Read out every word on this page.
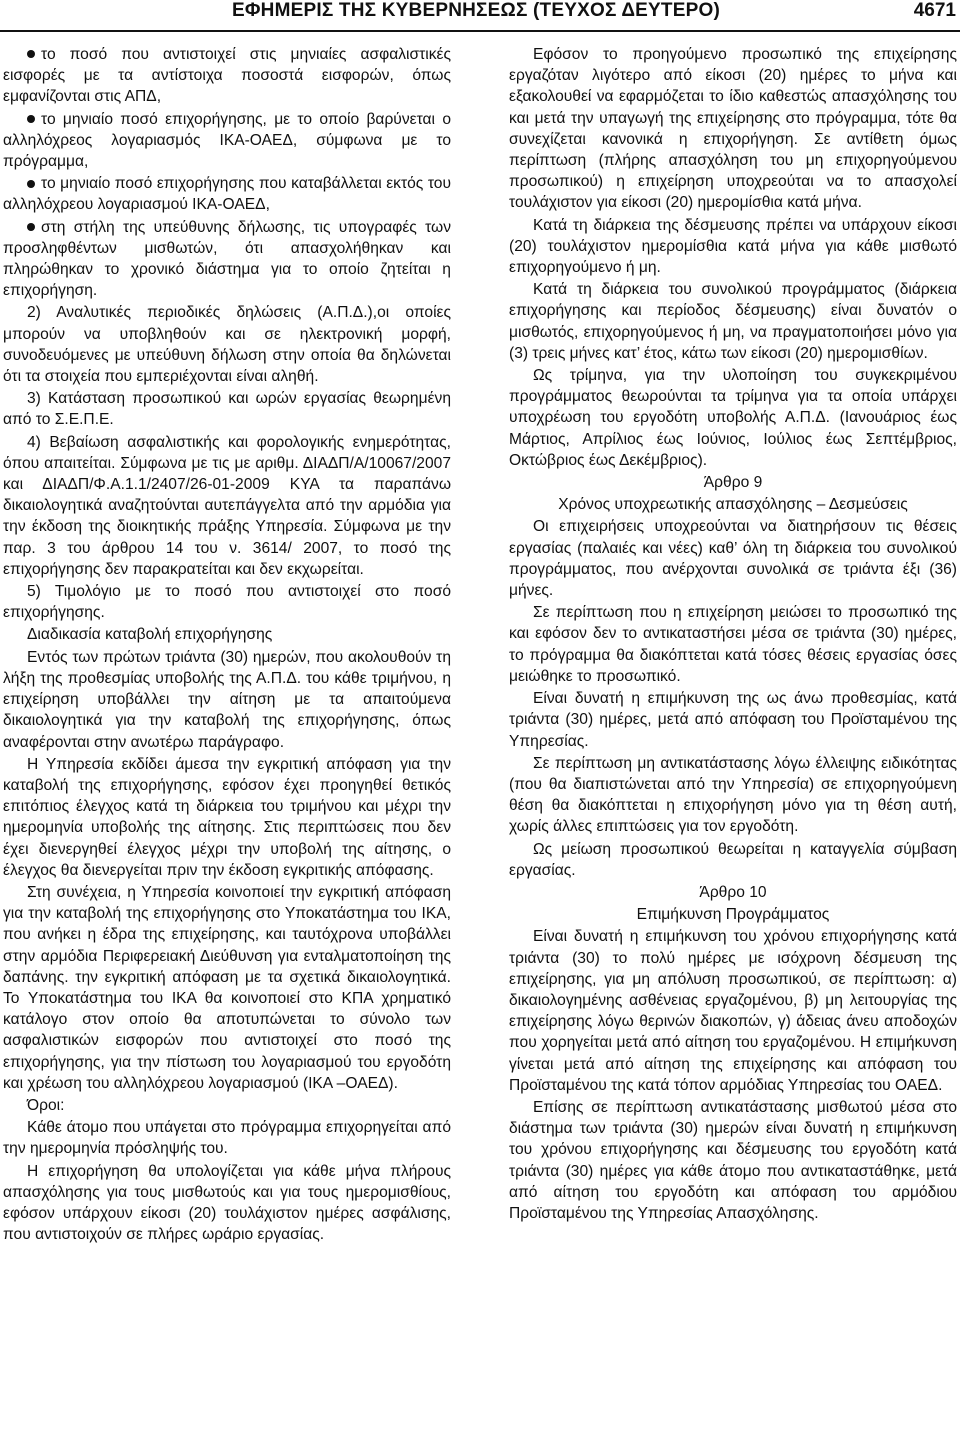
ΕΦΗΜΕΡΙΣ ΤΗΣ ΚΥΒΕΡΝΗΣΕΩΣ (ΤΕΥΧΟΣ ΔΕΥΤΕΡΟ)	4671

το ποσό που αντιστοιχεί στις μηνιαίες ασφαλιστικές εισφορές με τα αντίστοιχα ποσοστά εισφορών, όπως εμφανίζονται στις ΑΠΔ,

το μηνιαίο ποσό επιχορήγησης, με το οποίο βαρύνεται ο αλληλόχρεος λογαριασμός ΙΚΑ-ΟΑΕΔ, σύμφωνα με το πρόγραμμα,

το μηνιαίο ποσό επιχορήγησης που καταβάλλεται εκτός του αλληλόχρεου λογαριασμού ΙΚΑ-ΟΑΕΔ,

στη στήλη της υπεύθυνης δήλωσης, τις υπογραφές των προσληφθέντων μισθωτών, ότι απασχολήθηκαν και πληρώθηκαν το χρονικό διάστημα για το οποίο ζητείται η επιχορήγηση.

2) Αναλυτικές περιοδικές δηλώσεις (Α.Π.Δ.),οι οποίες μπορούν να υποβληθούν και σε ηλεκτρονική μορφή, συνοδευόμενες με υπεύθυνη δήλωση στην οποία θα δηλώνεται ότι τα στοιχεία που εμπεριέχονται είναι αληθή.

3) Κατάσταση προσωπικού και ωρών εργασίας θεωρημένη από το Σ.Ε.Π.Ε.

4) Βεβαίωση ασφαλιστικής και φορολογικής ενημερότητας, όπου απαιτείται. Σύμφωνα με τις με αριθμ. ΔΙΑΔΠ/Α/10067/2007 και ΔΙΑΔΠ/Φ.Α.1.1/2407/26-01-2009 ΚΥΑ τα παραπάνω δικαιολογητικά αναζητούνται αυτεπάγγελτα από την αρμόδια για την έκδοση της διοικητικής πράξης Υπηρεσία. Σύμφωνα με την παρ. 3 του άρθρου 14 του ν. 3614/ 2007, το ποσό της επιχορήγησης δεν παρακρατείται και δεν εκχωρείται.

5) Τιμολόγιο με το ποσό που αντιστοιχεί στο ποσό επιχορήγησης.

Διαδικασία καταβολή επιχορήγησης

Εντός των πρώτων τριάντα (30) ημερών, που ακολουθούν τη λήξη της προθεσμίας υποβολής της Α.Π.Δ. του κάθε τριμήνου, η επιχείρηση υποβάλλει την αίτηση με τα απαιτούμενα δικαιολογητικά για την καταβολή της επιχορήγησης, όπως αναφέρονται στην ανωτέρω παράγραφο.

Η Υπηρεσία εκδίδει άμεσα την εγκριτική απόφαση για την καταβολή της επιχορήγησης, εφόσον έχει προηγηθεί θετικός επιτόπιος έλεγχος κατά τη διάρκεια του τριμήνου και μέχρι την ημερομηνία υποβολής της αίτησης. Στις περιπτώσεις που δεν έχει διενεργηθεί έλεγχος μέχρι την υποβολή της αίτησης, ο έλεγχος θα διενεργείται πριν την έκδοση εγκριτικής απόφασης.

Στη συνέχεια, η Υπηρεσία κοινοποιεί την εγκριτική απόφαση για την καταβολή της επιχορήγησης στο Υποκατάστημα του ΙΚΑ, που ανήκει η έδρα της επιχείρησης, και ταυτόχρονα υποβάλλει στην αρμόδια Περιφερειακή Διεύθυνση για ενταλματοποίηση της δαπάνης. την εγκριτική απόφαση με τα σχετικά δικαιολογητικά. Το Υποκατάστημα του ΙΚΑ θα κοινοποιεί στο ΚΠΑ χρηματικό κατάλογο στον οποίο θα αποτυπώνεται το σύνολο των ασφαλιστικών εισφορών που αντιστοιχεί στο ποσό της επιχορήγησης, για την πίστωση του λογαριασμού του εργοδότη και χρέωση του αλληλόχρεου λογαριασμού (ΙΚΑ –ΟΑΕΔ).

Όροι:

Κάθε άτομο που υπάγεται στο πρόγραμμα επιχορηγείται από την ημερομηνία πρόσληψής του.

Η επιχορήγηση θα υπολογίζεται για κάθε μήνα πλήρους απασχόλησης για τους μισθωτούς και για τους ημερομισθίους, εφόσον υπάρχουν είκοσι (20) τουλάχιστον ημέρες ασφάλισης, που αντιστοιχούν σε πλήρες ωράριο εργασίας.

Εφόσον το προηγούμενο προσωπικό της επιχείρησης εργαζόταν λιγότερο από είκοσι (20) ημέρες το μήνα και εξακολουθεί να εφαρμόζεται το ίδιο καθεστώς απασχόλησης του και μετά την υπαγωγή της επιχείρησης στο πρόγραμμα, τότε θα συνεχίζεται κανονικά η επιχορήγηση. Σε αντίθετη όμως περίπτωση (πλήρης απασχόληση του μη επιχορηγούμενου προσωπικού) η επιχείρηση υποχρεούται να το απασχολεί τουλάχιστον για είκοσι (20) ημερομίσθια κατά μήνα.

Κατά τη διάρκεια της δέσμευσης πρέπει να υπάρχουν είκοσι (20) τουλάχιστον ημερομίσθια κατά μήνα για κάθε μισθωτό επιχορηγούμενο ή μη.

Κατά τη διάρκεια του συνολικού προγράμματος (διάρκεια επιχορήγησης και περίοδος δέσμευσης) είναι δυνατόν ο μισθωτός, επιχορηγούμενος ή μη, να πραγματοποιήσει μόνο για (3) τρεις μήνες κατ’ έτος, κάτω των είκοσι (20) ημερομισθίων.

Ως τρίμηνα, για την υλοποίηση του συγκεκριμένου προγράμματος θεωρούνται τα τρίμηνα για τα οποία υπάρχει υποχρέωση του εργοδότη υποβολής Α.Π.Δ. (Ιανουάριος έως Μάρτιος, Απρίλιος έως Ιούνιος, Ιούλιος έως Σεπτέμβριος, Οκτώβριος έως Δεκέμβριος).

Άρθρο 9

Χρόνος υποχρεωτικής απασχόλησης – Δεσμεύσεις

Οι επιχειρήσεις υποχρεούνται να διατηρήσουν τις θέσεις εργασίας (παλαιές και νέες) καθ’ όλη τη διάρκεια του συνολικού προγράμματος, που ανέρχονται συνολικά σε τριάντα έξι (36) μήνες.

Σε περίπτωση που η επιχείρηση μειώσει το προσωπικό της και εφόσον δεν το αντικαταστήσει μέσα σε τριάντα (30) ημέρες, το πρόγραμμα θα διακόπτεται κατά τόσες θέσεις εργασίας όσες μειώθηκε το προσωπικό.

Είναι δυνατή η επιμήκυνση της ως άνω προθεσμίας, κατά τριάντα (30) ημέρες, μετά από απόφαση του Προϊσταμένου της Υπηρεσίας.

Σε περίπτωση μη αντικατάστασης λόγω έλλειψης ειδικότητας (που θα διαπιστώνεται από την Υπηρεσία) σε επιχορηγούμενη θέση θα διακόπτεται η επιχορήγηση μόνο για τη θέση αυτή, χωρίς άλλες επιπτώσεις για τον εργοδότη.

Ως μείωση προσωπικού θεωρείται η καταγγελία σύμβαση εργασίας.

Άρθρο 10

Επιμήκυνση Προγράμματος

Είναι δυνατή η επιμήκυνση του χρόνου επιχορήγησης κατά τριάντα (30) το πολύ ημέρες με ισόχρονη δέσμευση της επιχείρησης, για μη απόλυση προσωπικού, σε περίπτωση: α) δικαιολογημένης ασθένειας εργαζομένου, β) μη λειτουργίας της επιχείρησης λόγω θερινών διακοπών, γ) άδειας άνευ αποδοχών που χορηγείται μετά από αίτηση του εργαζομένου. Η επιμήκυνση γίνεται μετά από αίτηση της επιχείρησης και απόφαση του Προϊσταμένου της κατά τόπον αρμόδιας Υπηρεσίας του ΟΑΕΔ.

Επίσης σε περίπτωση αντικατάστασης μισθωτού μέσα στο διάστημα των τριάντα (30) ημερών είναι δυνατή η επιμήκυνση του χρόνου επιχορήγησης και δέσμευσης του εργοδότη κατά τριάντα (30) ημέρες για κάθε άτομο που αντικαταστάθηκε, μετά από αίτηση του εργοδότη και απόφαση του αρμόδιου Προϊσταμένου της Υπηρεσίας Απασχόλησης.
